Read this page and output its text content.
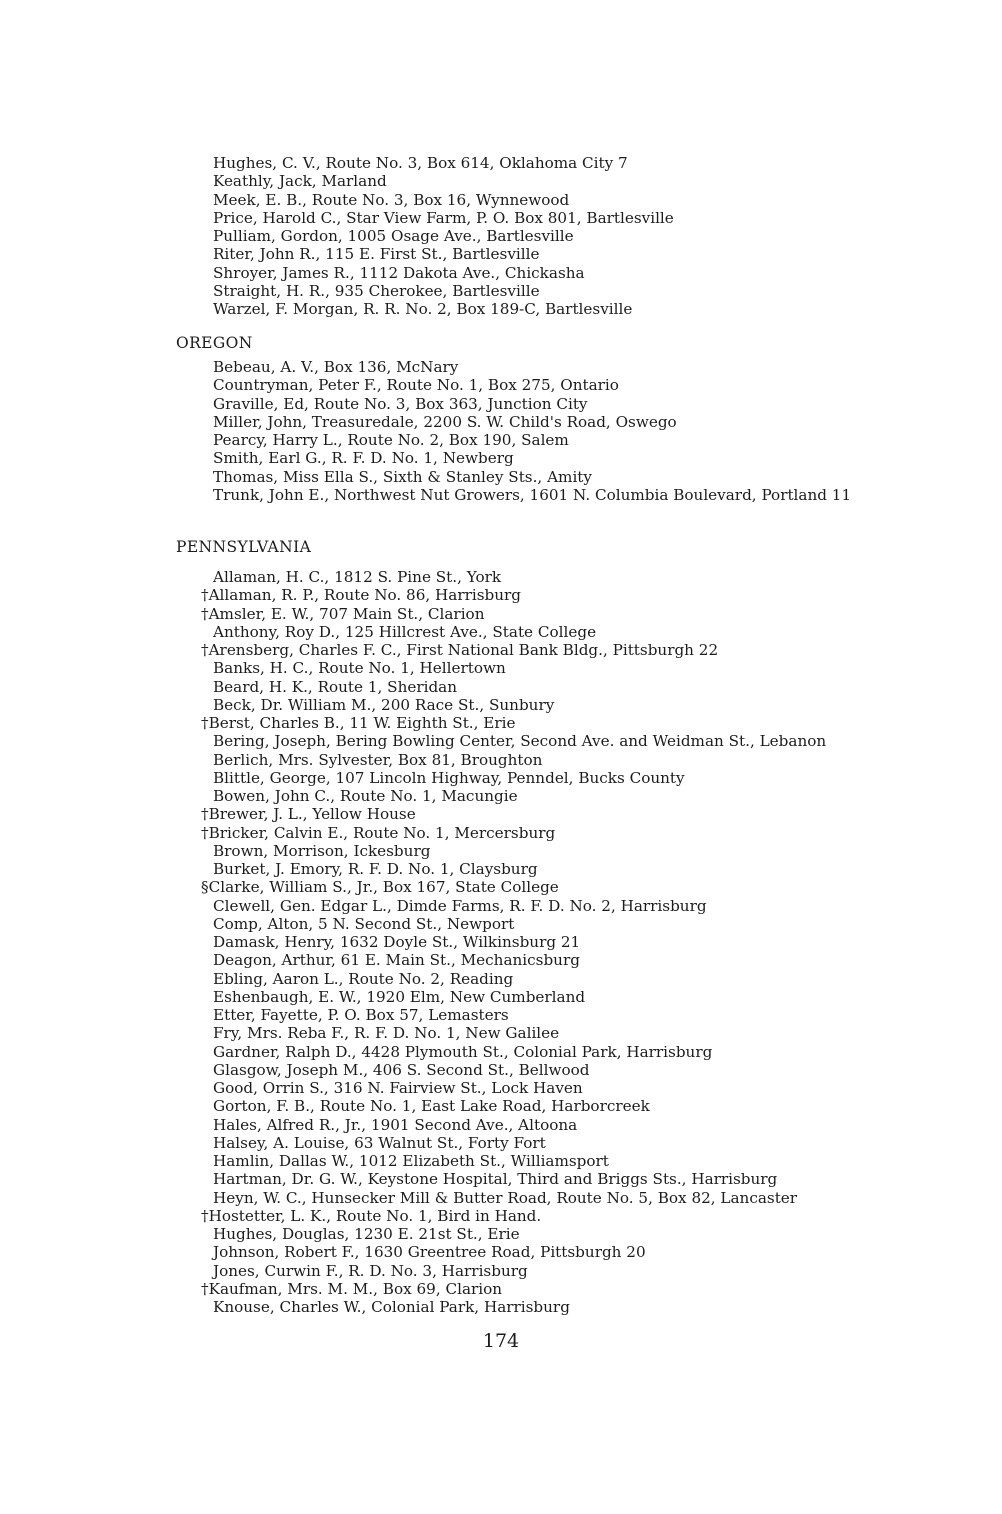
Hughes, C. V., Route No. 3, Box 614, Oklahoma City 7
Keathly, Jack, Marland
Meek, E. B., Route No. 3, Box 16, Wynnewood
Price, Harold C., Star View Farm, P. O. Box 801, Bartlesville
Pulliam, Gordon, 1005 Osage Ave., Bartlesville
Riter, John R., 115 E. First St., Bartlesville
Shroyer, James R., 1112 Dakota Ave., Chickasha
Straight, H. R., 935 Cherokee, Bartlesville
Warzel, F. Morgan, R. R. No. 2, Box 189-C, Bartlesville
OREGON
Bebeau, A. V., Box 136, McNary
Countryman, Peter F., Route No. 1, Box 275, Ontario
Graville, Ed, Route No. 3, Box 363, Junction City
Miller, John, Treasuredale, 2200 S. W. Child's Road, Oswego
Pearcy, Harry L., Route No. 2, Box 190, Salem
Smith, Earl G., R. F. D. No. 1, Newberg
Thomas, Miss Ella S., Sixth & Stanley Sts., Amity
Trunk, John E., Northwest Nut Growers, 1601 N. Columbia Boulevard, Portland 11
PENNSYLVANIA
Allaman, H. C., 1812 S. Pine St., York
†Allaman, R. P., Route No. 86, Harrisburg
†Amsler, E. W., 707 Main St., Clarion
Anthony, Roy D., 125 Hillcrest Ave., State College
†Arensberg, Charles F. C., First National Bank Bldg., Pittsburgh 22
Banks, H. C., Route No. 1, Hellertown
Beard, H. K., Route 1, Sheridan
Beck, Dr. William M., 200 Race St., Sunbury
†Berst, Charles B., 11 W. Eighth St., Erie
Bering, Joseph, Bering Bowling Center, Second Ave. and Weidman St., Lebanon
Berlich, Mrs. Sylvester, Box 81, Broughton
Blittle, George, 107 Lincoln Highway, Penndel, Bucks County
Bowen, John C., Route No. 1, Macungie
†Brewer, J. L., Yellow House
†Bricker, Calvin E., Route No. 1, Mercersburg
Brown, Morrison, Ickesburg
Burket, J. Emory, R. F. D. No. 1, Claysburg
§Clarke, William S., Jr., Box 167, State College
Clewell, Gen. Edgar L., Dimde Farms, R. F. D. No. 2, Harrisburg
Comp, Alton, 5 N. Second St., Newport
Damask, Henry, 1632 Doyle St., Wilkinsburg 21
Deagon, Arthur, 61 E. Main St., Mechanicsburg
Ebling, Aaron L., Route No. 2, Reading
Eshenbaugh, E. W., 1920 Elm, New Cumberland
Etter, Fayette, P. O. Box 57, Lemasters
Fry, Mrs. Reba F., R. F. D. No. 1, New Galilee
Gardner, Ralph D., 4428 Plymouth St., Colonial Park, Harrisburg
Glasgow, Joseph M., 406 S. Second St., Bellwood
Good, Orrin S., 316 N. Fairview St., Lock Haven
Gorton, F. B., Route No. 1, East Lake Road, Harborcreek
Hales, Alfred R., Jr., 1901 Second Ave., Altoona
Halsey, A. Louise, 63 Walnut St., Forty Fort
Hamlin, Dallas W., 1012 Elizabeth St., Williamsport
Hartman, Dr. G. W., Keystone Hospital, Third and Briggs Sts., Harrisburg
Heyn, W. C., Hunsecker Mill & Butter Road, Route No. 5, Box 82, Lancaster
†Hostetter, L. K., Route No. 1, Bird in Hand.
Hughes, Douglas, 1230 E. 21st St., Erie
Johnson, Robert F., 1630 Greentree Road, Pittsburgh 20
Jones, Curwin F., R. D. No. 3, Harrisburg
†Kaufman, Mrs. M. M., Box 69, Clarion
Knouse, Charles W., Colonial Park, Harrisburg
174
